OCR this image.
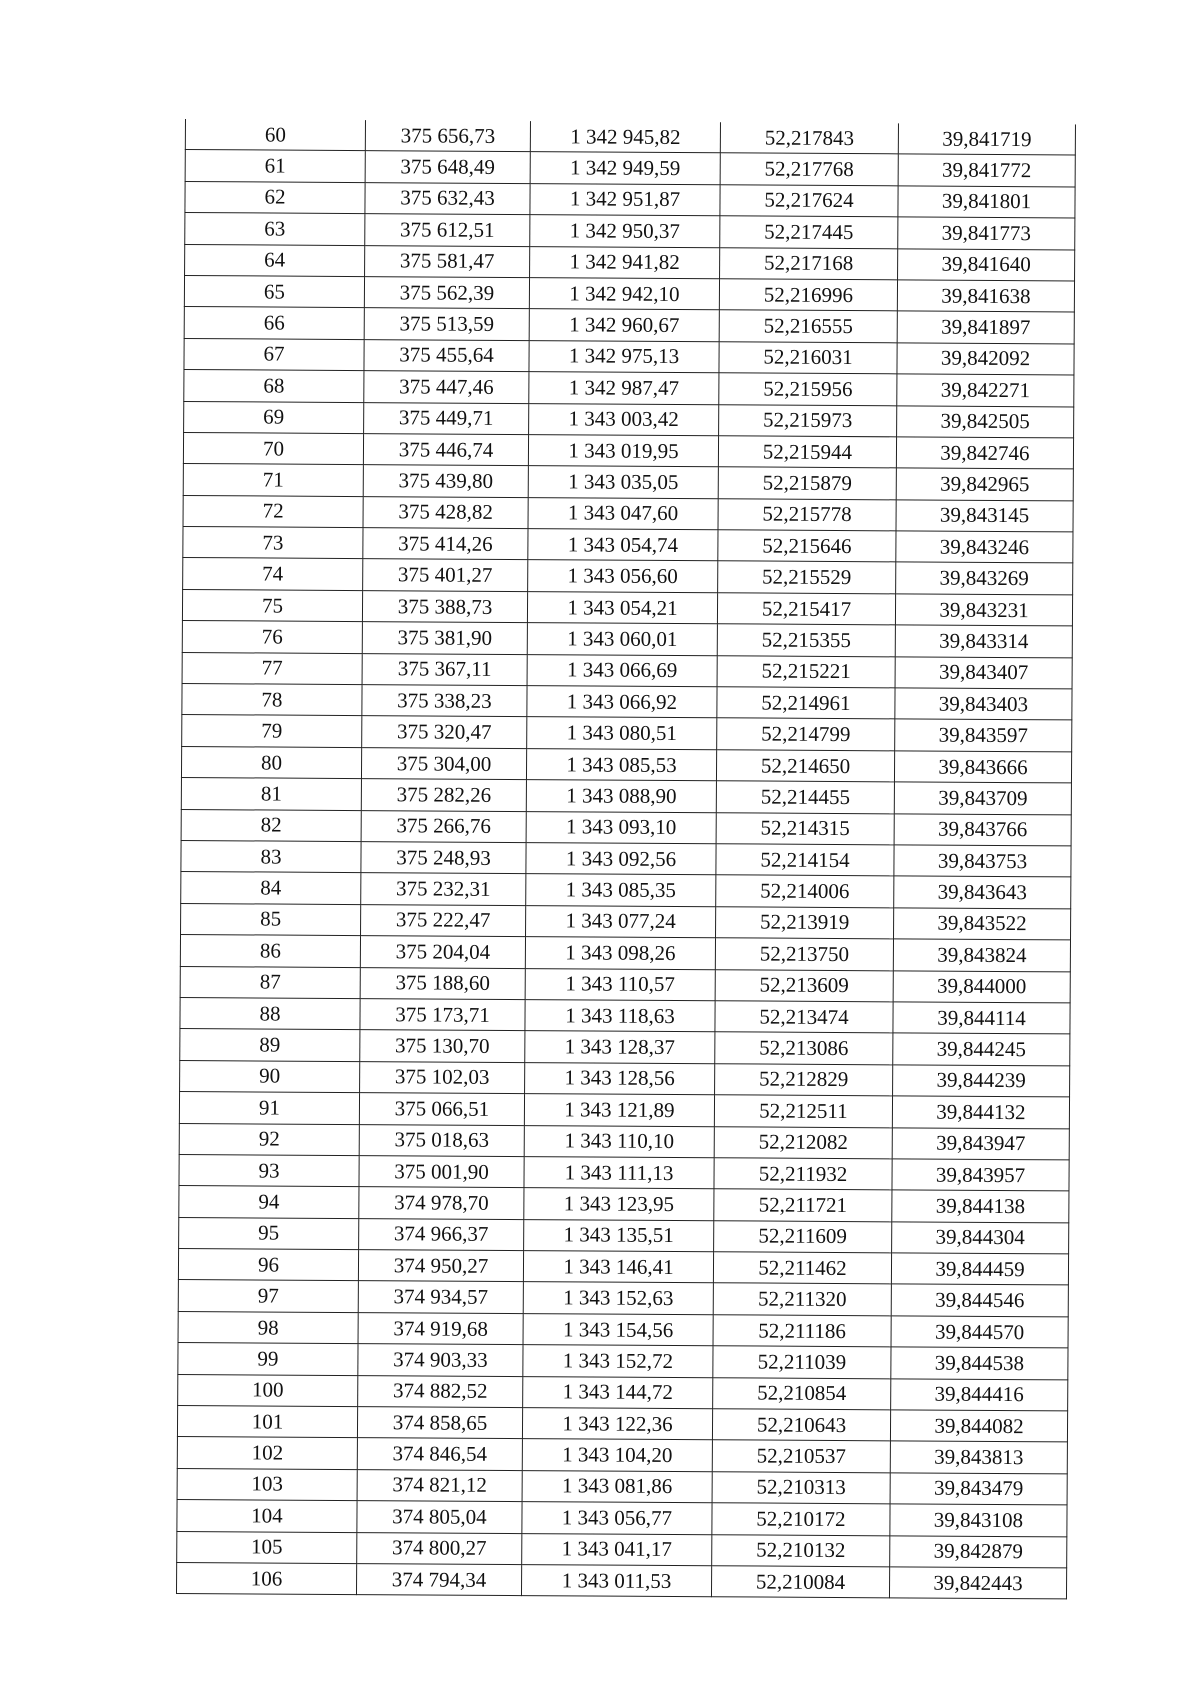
60	375 656,73	1 342 945,82	52,217843	39,841719
61	375 648,49	1 342 949,59	52,217768	39,841772
62	375 632,43	1 342 951,87	52,217624	39,841801
63	375 612,51	1 342 950,37	52,217445	39,841773
64	375 581,47	1 342 941,82	52,217168	39,841640
65	375 562,39	1 342 942,10	52,216996	39,841638
66	375 513,59	1 342 960,67	52,216555	39,841897
67	375 455,64	1 342 975,13	52,216031	39,842092
68	375 447,46	1 342 987,47	52,215956	39,842271
69	375 449,71	1 343 003,42	52,215973	39,842505
70	375 446,74	1 343 019,95	52,215944	39,842746
71	375 439,80	1 343 035,05	52,215879	39,842965
72	375 428,82	1 343 047,60	52,215778	39,843145
73	375 414,26	1 343 054,74	52,215646	39,843246
74	375 401,27	1 343 056,60	52,215529	39,843269
75	375 388,73	1 343 054,21	52,215417	39,843231
76	375 381,90	1 343 060,01	52,215355	39,843314
77	375 367,11	1 343 066,69	52,215221	39,843407
78	375 338,23	1 343 066,92	52,214961	39,843403
79	375 320,47	1 343 080,51	52,214799	39,843597
80	375 304,00	1 343 085,53	52,214650	39,843666
81	375 282,26	1 343 088,90	52,214455	39,843709
82	375 266,76	1 343 093,10	52,214315	39,843766
83	375 248,93	1 343 092,56	52,214154	39,843753
84	375 232,31	1 343 085,35	52,214006	39,843643
85	375 222,47	1 343 077,24	52,213919	39,843522
86	375 204,04	1 343 098,26	52,213750	39,843824
87	375 188,60	1 343 110,57	52,213609	39,844000
88	375 173,71	1 343 118,63	52,213474	39,844114
89	375 130,70	1 343 128,37	52,213086	39,844245
90	375 102,03	1 343 128,56	52,212829	39,844239
91	375 066,51	1 343 121,89	52,212511	39,844132
92	375 018,63	1 343 110,10	52,212082	39,843947
93	375 001,90	1 343 111,13	52,211932	39,843957
94	374 978,70	1 343 123,95	52,211721	39,844138
95	374 966,37	1 343 135,51	52,211609	39,844304
96	374 950,27	1 343 146,41	52,211462	39,844459
97	374 934,57	1 343 152,63	52,211320	39,844546
98	374 919,68	1 343 154,56	52,211186	39,844570
99	374 903,33	1 343 152,72	52,211039	39,844538
100	374 882,52	1 343 144,72	52,210854	39,844416
101	374 858,65	1 343 122,36	52,210643	39,844082
102	374 846,54	1 343 104,20	52,210537	39,843813
103	374 821,12	1 343 081,86	52,210313	39,843479
104	374 805,04	1 343 056,77	52,210172	39,843108
105	374 800,27	1 343 041,17	52,210132	39,842879
106	374 794,34	1 343 011,53	52,210084	39,842443
